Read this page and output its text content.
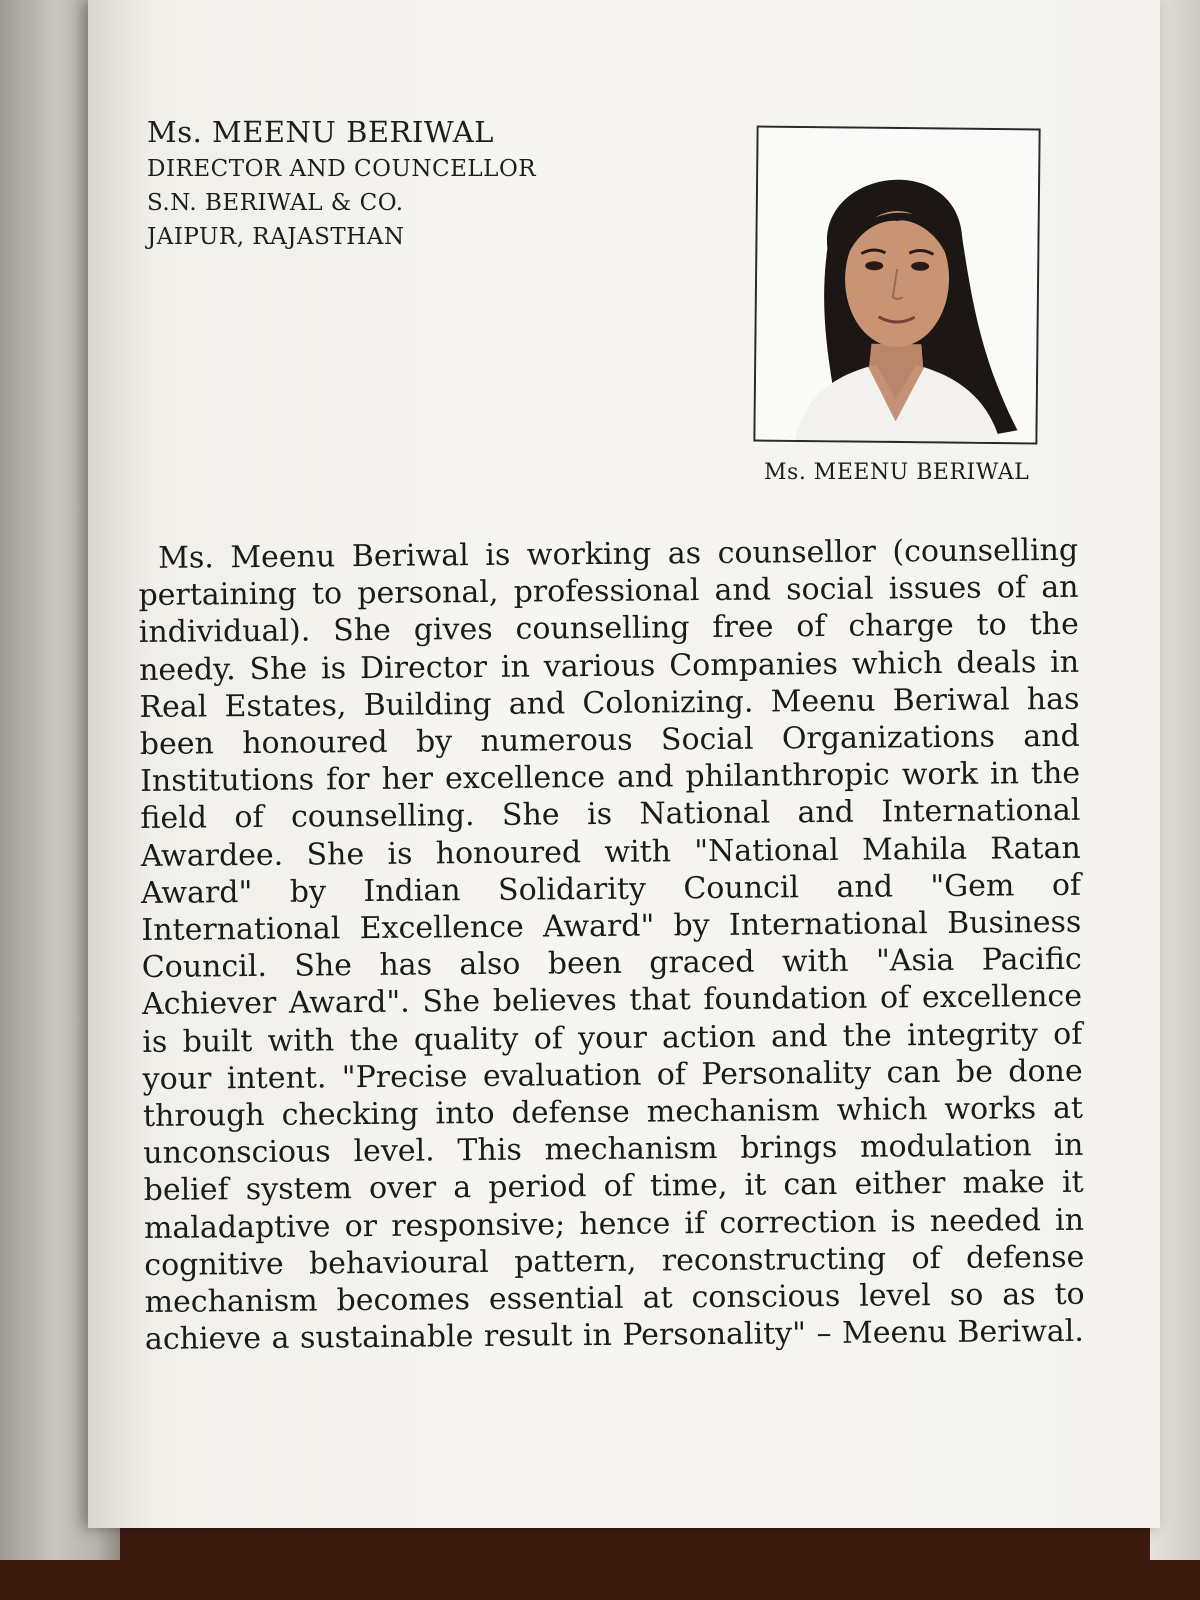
Ms. MEENU BERIWAL
DIRECTOR AND COUNCELLOR
S.N. BERIWAL & CO.
JAIPUR, RAJASTHAN
Ms. MEENU BERIWAL
Ms. Meenu Beriwal is working as counsellor (counselling pertaining to personal, professional and social issues of an individual). She gives counselling free of charge to the needy. She is Director in various Companies which deals in Real Estates, Building and Colonizing. Meenu Beriwal has been honoured by numerous Social Organizations and Institutions for her excellence and philanthropic work in the field of counselling. She is National and International Awardee. She is honoured with "National Mahila Ratan Award" by Indian Solidarity Council and "Gem of International Excellence Award" by International Business Council. She has also been graced with "Asia Pacific Achiever Award". She believes that foundation of excellence is built with the quality of your action and the integrity of your intent. "Precise evaluation of Personality can be done through checking into defense mechanism which works at unconscious level. This mechanism brings modulation in belief system over a period of time, it can either make it maladaptive or responsive; hence if correction is needed in cognitive behavioural pattern, reconstructing of defense mechanism becomes essential at conscious level so as to achieve a sustainable result in Personality" – Meenu Beriwal.
